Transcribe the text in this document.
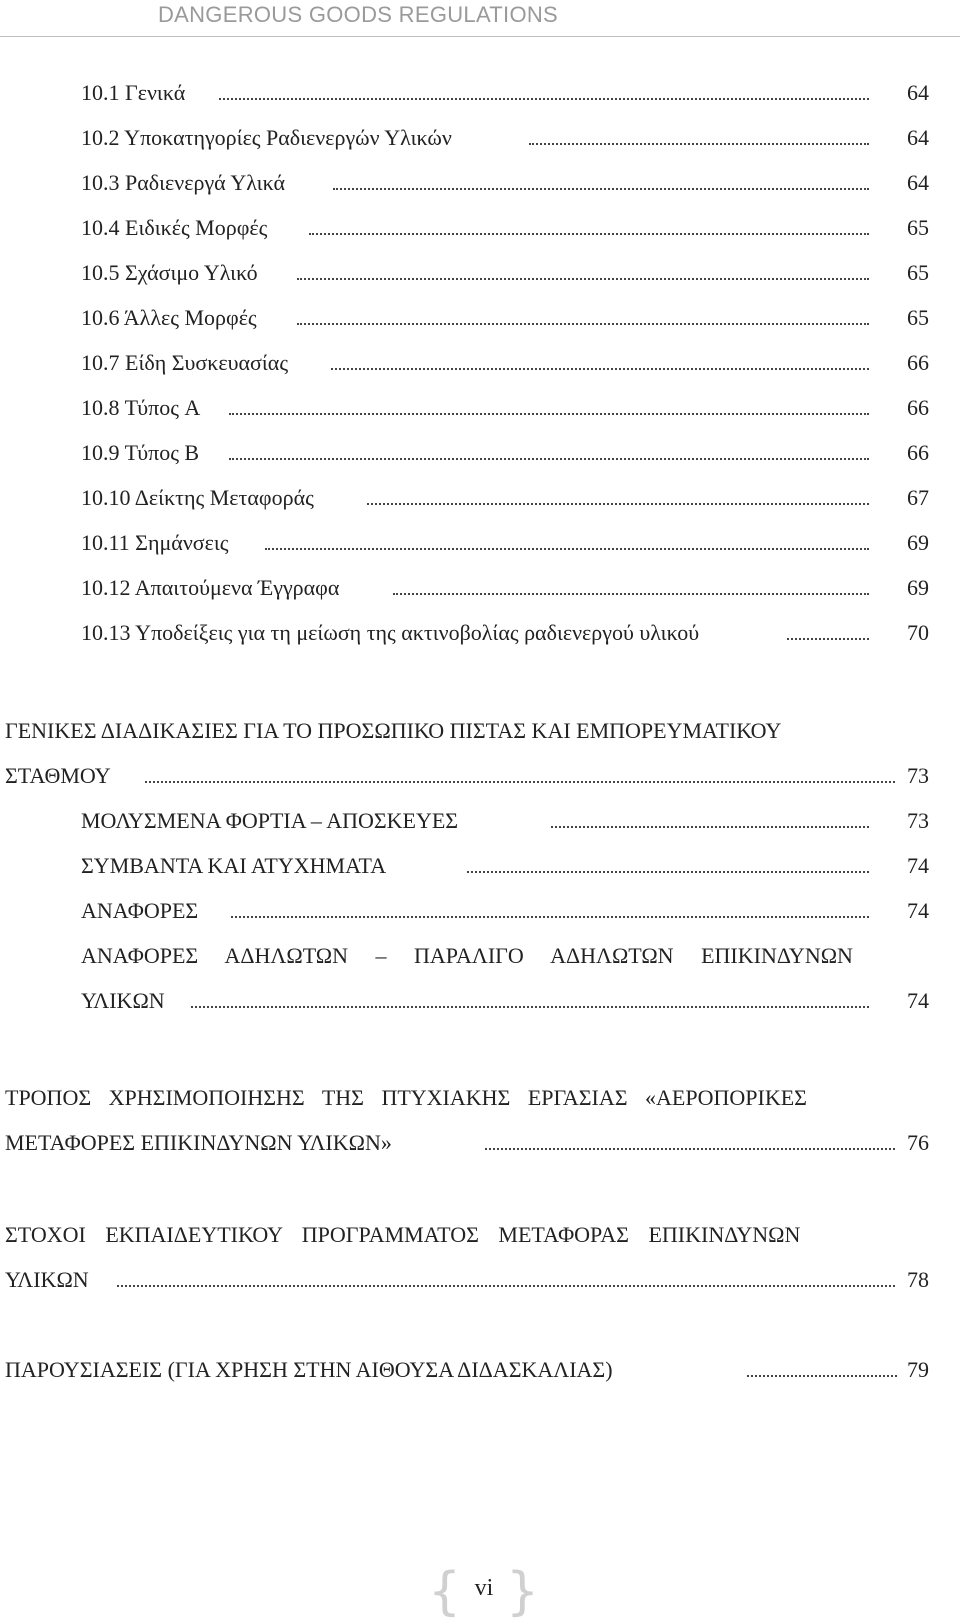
DANGEROUS GOODS REGULATIONS
10.1 Γενικά	64
10.2 Υποκατηγορίες Ραδιενεργών Υλικών	64
10.3 Ραδιενεργά Υλικά	64
10.4 Ειδικές Μορφές	65
10.5 Σχάσιμο Υλικό	65
10.6 Άλλες Μορφές	65
10.7 Είδη Συσκευασίας	66
10.8 Τύπος A	66
10.9 Τύπος B	66
10.10 Δείκτης Μεταφοράς	67
10.11 Σημάνσεις	69
10.12 Απαιτούμενα Έγγραφα	69
10.13 Υποδείξεις για τη μείωση της ακτινοβολίας ραδιενεργού υλικού	70
ΓΕΝΙΚΕΣ ΔΙΑΔΙΚΑΣΙΕΣ ΓΙΑ ΤΟ ΠΡΟΣΩΠΙΚΟ ΠΙΣΤΑΣ ΚΑΙ ΕΜΠΟΡΕΥΜΑΤΙΚΟΥ
ΣΤΑΘΜΟΥ	73
ΜΟΛΥΣΜΕΝΑ ΦΟΡΤΙΑ – ΑΠΟΣΚΕΥΕΣ	73
ΣΥΜΒΑΝΤΑ ΚΑΙ ΑΤΥΧΗΜΑΤΑ	74
ΑΝΑΦΟΡΕΣ	74
ΑΝΑΦΟΡΕΣ ΑΔΗΛΩΤΩΝ – ΠΑΡΑΛΙΓΟ ΑΔΗΛΩΤΩΝ ΕΠΙΚΙΝΔΥΝΩΝ
ΥΛΙΚΩΝ	74
ΤΡΟΠΟΣ ΧΡΗΣΙΜΟΠΟΙΗΣΗΣ ΤΗΣ ΠΤΥΧΙΑΚΗΣ ΕΡΓΑΣΙΑΣ «ΑΕΡΟΠΟΡΙΚΕΣ
ΜΕΤΑΦΟΡΕΣ ΕΠΙΚΙΝΔΥΝΩΝ ΥΛΙΚΩΝ»	76
ΣΤΟΧΟΙ ΕΚΠΑΙΔΕΥΤΙΚΟΥ ΠΡΟΓΡΑΜΜΑΤΟΣ ΜΕΤΑΦΟΡΑΣ ΕΠΙΚΙΝΔΥΝΩΝ
ΥΛΙΚΩΝ	78
ΠΑΡΟΥΣΙΑΣΕΙΣ (ΓΙΑ ΧΡΗΣΗ ΣΤΗΝ ΑΙΘΟΥΣΑ ΔΙΔΑΣΚΑΛΙΑΣ)	79
{ vi }
